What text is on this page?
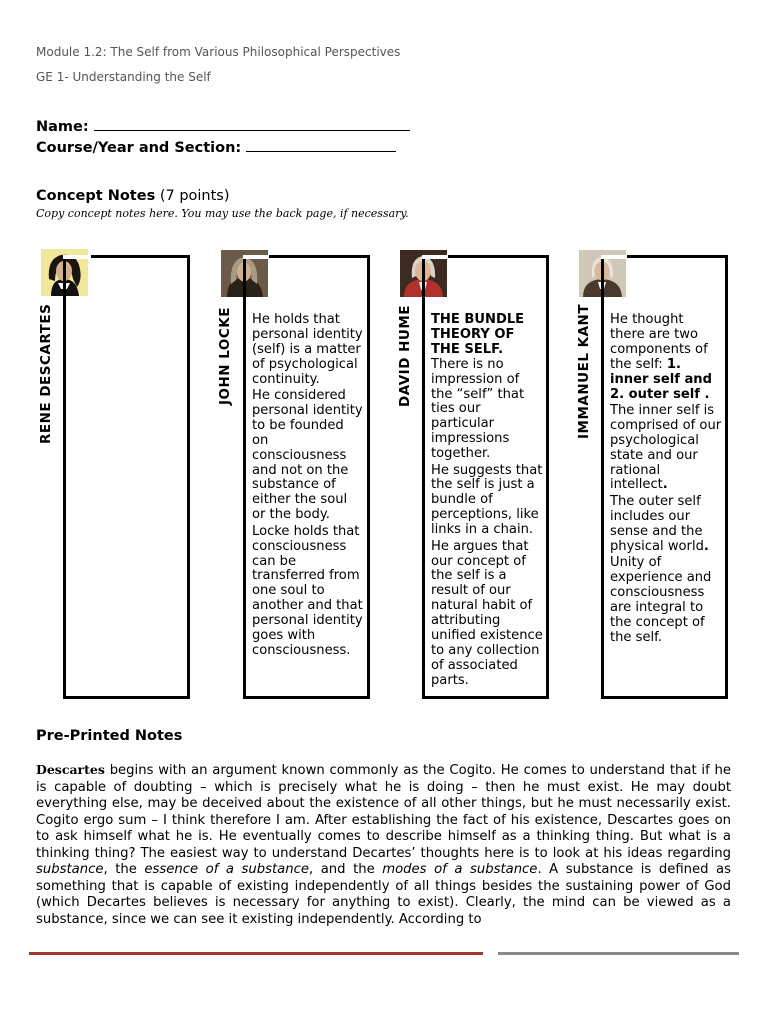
Module 1.2: The Self from Various Philosophical Perspectives
GE 1- Understanding the Self
Name:
Course/Year and Section:
Concept Notes (7 points)
Copy concept notes here. You may use the back page, if necessary.
RENE DESCARTES	JOHN LOCKE He holds that personal identity (self) is a matter of psychological continuity.

He considered personal identity to be founded on consciousness and not on the substance of either the soul or the body.

Locke holds that consciousness can be transferred from one soul to another and that personal identity goes with consciousness.

DAVID HUME THE BUNDLE THEORY OF THE SELF.

There is no impression of the “self” that ties our particular impressions together.

He suggests that the self is just a bundle of perceptions, like links in a chain.

He argues that our concept of the self is a result of our natural habit of attributing unified existence to any collection of associated parts.

IMMANUEL KANT He thought there are two components of the self: 1. inner self and 2. outer self .

The inner self is comprised of our psychological state and our rational intellect.

The outer self includes our sense and the physical world.

Unity of experience and consciousness are integral to the concept of the self.

Pre-Printed Notes
Descartes begins with an argument known commonly as the Cogito. He comes to understand that if he is capable of doubting – which is precisely what he is doing – then he must exist. He may doubt everything else, may be deceived about the existence of all other things, but he must necessarily exist. Cogito ergo sum – I think therefore I am. After establishing the fact of his existence, Descartes goes on to ask himself what he is. He eventually comes to describe himself as a thinking thing. But what is a thinking thing? The easiest way to understand Decartes’ thoughts here is to look at his ideas regarding substance, the essence of a substance, and the modes of a substance. A substance is defined as something that is capable of existing independently of all things besides the sustaining power of God (which Decartes believes is necessary for anything to exist). Clearly, the mind can be viewed as a substance, since we can see it existing independently. According to
